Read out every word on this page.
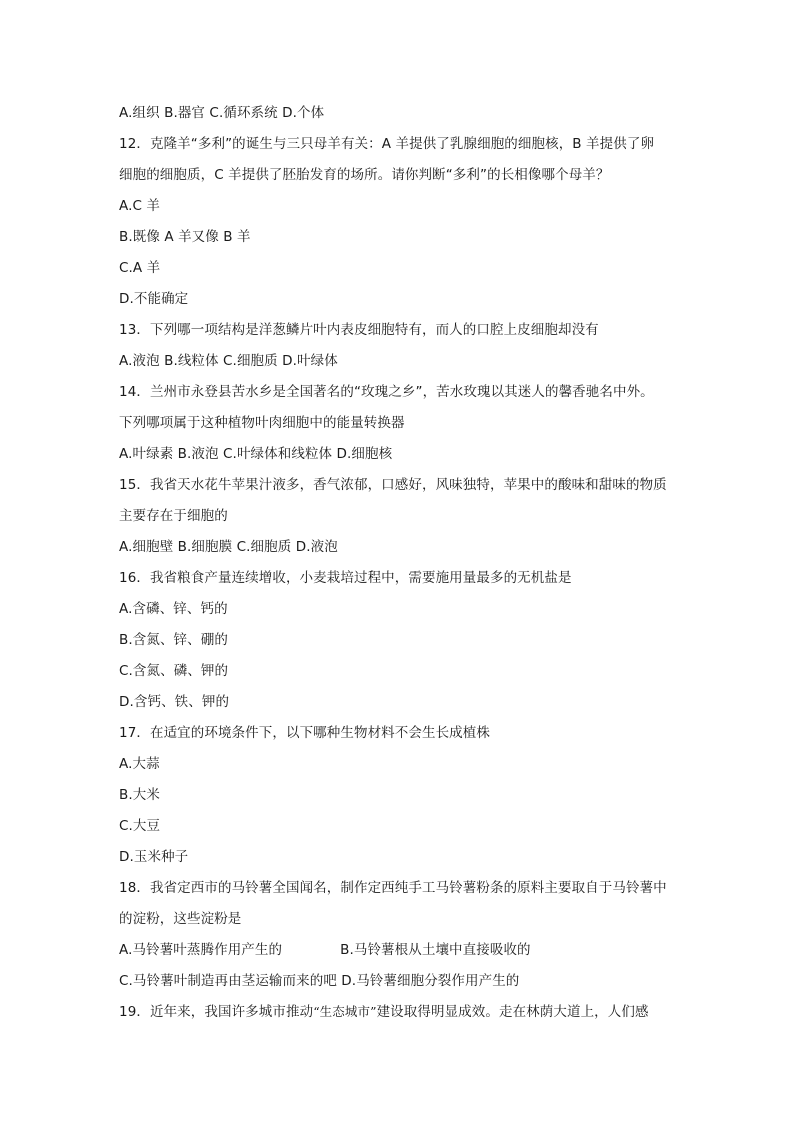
A.组织 B.器官 C.循环系统 D.个体
12．克隆羊“多利”的诞生与三只母羊有关：A 羊提供了乳腺细胞的细胞核，B 羊提供了卵
细胞的细胞质，C 羊提供了胚胎发育的场所。请你判断“多利”的长相像哪个母羊？
A.C 羊
B.既像 A 羊又像 B 羊
C.A 羊
D.不能确定
13．下列哪一项结构是洋葱鳞片叶内表皮细胞特有，而人的口腔上皮细胞却没有
A.液泡 B.线粒体 C.细胞质 D.叶绿体
14．兰州市永登县苦水乡是全国著名的“玫瑰之乡”，苦水玫瑰以其迷人的馨香驰名中外。
下列哪项属于这种植物叶肉细胞中的能量转换器
A.叶绿素 B.液泡 C.叶绿体和线粒体 D.细胞核
15．我省天水花牛苹果汁液多，香气浓郁，口感好，风味独特，苹果中的酸味和甜味的物质
主要存在于细胞的
A.细胞壁 B.细胞膜 C.细胞质 D.液泡
16．我省粮食产量连续增收，小麦栽培过程中，需要施用量最多的无机盐是
A.含磷、锌、钙的
B.含氮、锌、硼的
C.含氮、磷、钾的
D.含钙、铁、钾的
17．在适宜的环境条件下，以下哪种生物材料不会生长成植株
A.大蒜
B.大米
C.大豆
D.玉米种子
18．我省定西市的马铃薯全国闻名，制作定西纯手工马铃薯粉条的原料主要取自于马铃薯中
的淀粉，这些淀粉是
A.马铃薯叶蒸腾作用产生的	B.马铃薯根从土壤中直接吸收的
C.马铃薯叶制造再由茎运输而来的吧 D.马铃薯细胞分裂作用产生的
19．近年来，我国许多城市推动“生态城市”建设取得明显成效。走在林荫大道上，人们感
